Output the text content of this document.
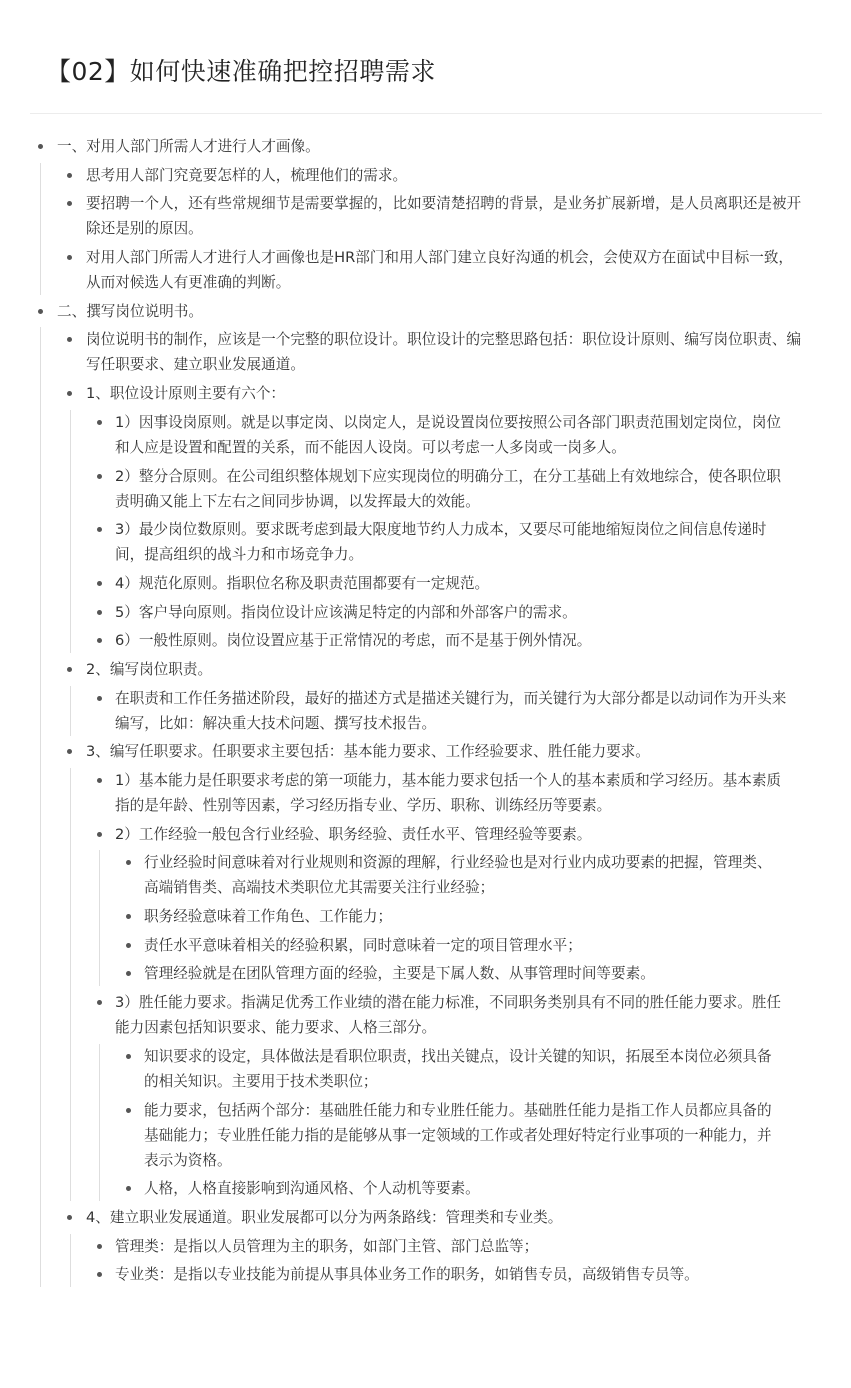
【02】如何快速准确把控招聘需求
一、对用人部门所需人才进行人才画像。
思考用人部门究竟要怎样的人，梳理他们的需求。
要招聘一个人，还有些常规细节是需要掌握的，比如要清楚招聘的背景，是业务扩展新增，是人员离职还是被开除还是别的原因。
对用人部门所需人才进行人才画像也是HR部门和用人部门建立良好沟通的机会，会使双方在面试中目标一致，从而对候选人有更准确的判断。
二、撰写岗位说明书。
岗位说明书的制作，应该是一个完整的职位设计。职位设计的完整思路包括：职位设计原则、编写岗位职责、编写任职要求、建立职业发展通道。
1、职位设计原则主要有六个：
1）因事设岗原则。就是以事定岗、以岗定人，是说设置岗位要按照公司各部门职责范围划定岗位，岗位和人应是设置和配置的关系，而不能因人设岗。可以考虑一人多岗或一岗多人。
2）整分合原则。在公司组织整体规划下应实现岗位的明确分工，在分工基础上有效地综合，使各职位职责明确又能上下左右之间同步协调，以发挥最大的效能。
3）最少岗位数原则。要求既考虑到最大限度地节约人力成本，又要尽可能地缩短岗位之间信息传递时间，提高组织的战斗力和市场竞争力。
4）规范化原则。指职位名称及职责范围都要有一定规范。
5）客户导向原则。指岗位设计应该满足特定的内部和外部客户的需求。
6）一般性原则。岗位设置应基于正常情况的考虑，而不是基于例外情况。
2、编写岗位职责。
在职责和工作任务描述阶段，最好的描述方式是描述关键行为，而关键行为大部分都是以动词作为开头来编写，比如：解决重大技术问题、撰写技术报告。
3、编写任职要求。任职要求主要包括：基本能力要求、工作经验要求、胜任能力要求。
1）基本能力是任职要求考虑的第一项能力，基本能力要求包括一个人的基本素质和学习经历。基本素质指的是年龄、性别等因素，学习经历指专业、学历、职称、训练经历等要素。
2）工作经验一般包含行业经验、职务经验、责任水平、管理经验等要素。
行业经验时间意味着对行业规则和资源的理解，行业经验也是对行业内成功要素的把握，管理类、高端销售类、高端技术类职位尤其需要关注行业经验；
职务经验意味着工作角色、工作能力；
责任水平意味着相关的经验积累，同时意味着一定的项目管理水平；
管理经验就是在团队管理方面的经验，主要是下属人数、从事管理时间等要素。
3）胜任能力要求。指满足优秀工作业绩的潜在能力标准，不同职务类别具有不同的胜任能力要求。胜任能力因素包括知识要求、能力要求、人格三部分。
知识要求的设定，具体做法是看职位职责，找出关键点，设计关键的知识，拓展至本岗位必须具备的相关知识。主要用于技术类职位；
能力要求，包括两个部分：基础胜任能力和专业胜任能力。基础胜任能力是指工作人员都应具备的基础能力；专业胜任能力指的是能够从事一定领域的工作或者处理好特定行业事项的一种能力，并表示为资格。
人格，人格直接影响到沟通风格、个人动机等要素。
4、建立职业发展通道。职业发展都可以分为两条路线：管理类和专业类。
管理类：是指以人员管理为主的职务，如部门主管、部门总监等；
专业类：是指以专业技能为前提从事具体业务工作的职务，如销售专员，高级销售专员等。
